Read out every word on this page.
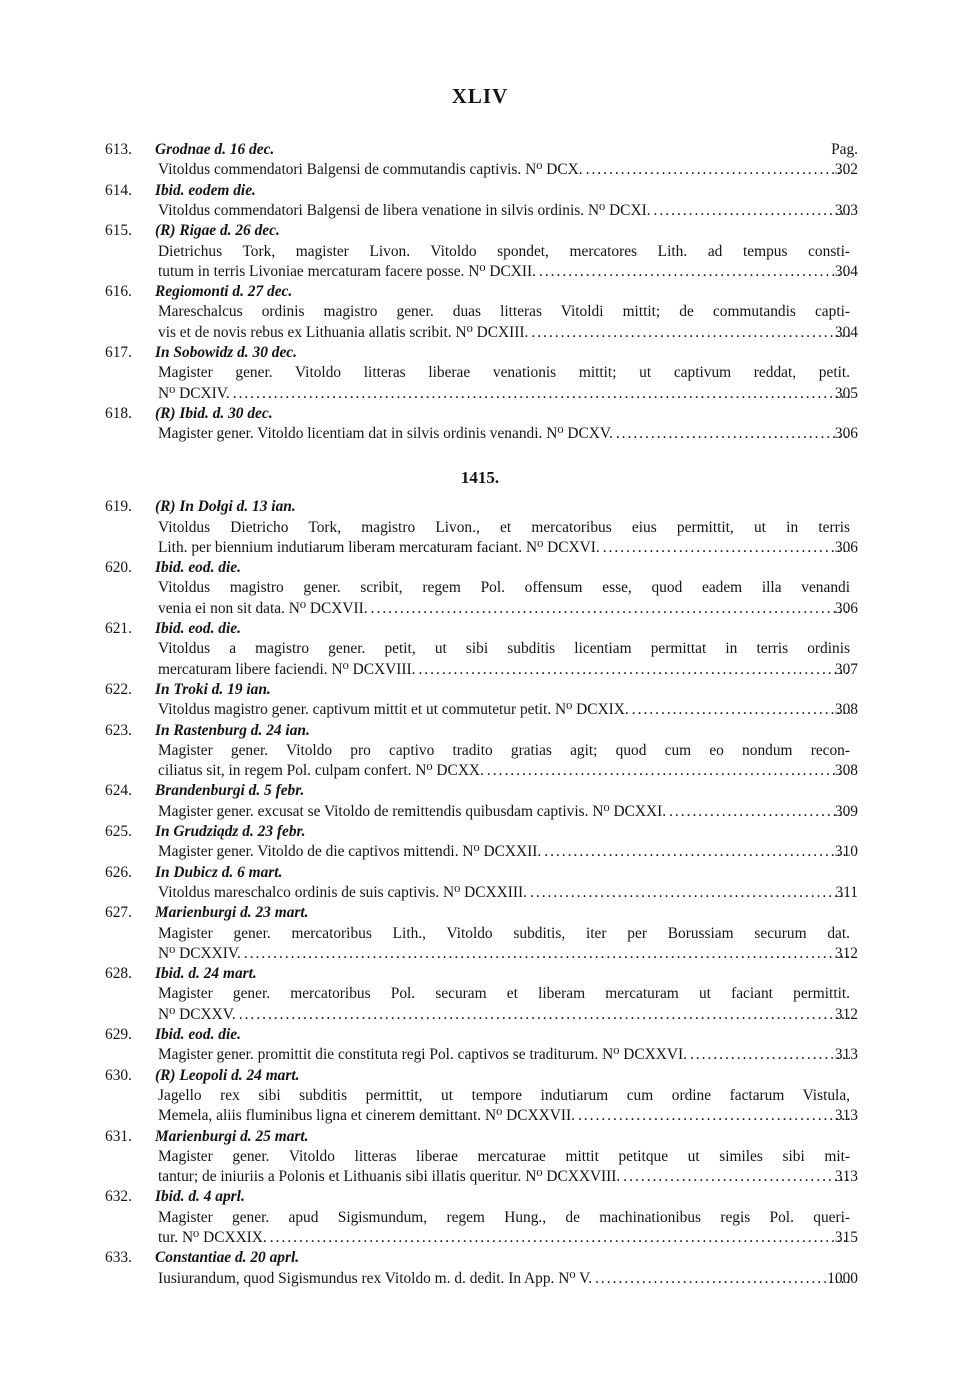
XLIV
Pag.
1415.
613.	Grodnae d. 16 dec.
Vitoldus commendatori Balgensi de commutandis captivis. N⁰ DCX. .....	302
614.	Ibid. eodem die.
Vitoldus commendatori Balgensi de libera venatione in silvis ordinis. N⁰ DCXI. .....	303
615.	(R) Rigae d. 26 dec.
Dietrichus Tork, magister Livon. Vitoldo spondet, mercatores Lith. ad tempus consti-
tutum in terris Livoniae mercaturam facere posse. N⁰ DCXII. .....	304
616.	Regiomonti d. 27 dec.
Mareschalcus ordinis magistro gener. duas litteras Vitoldi mittit; de commutandis capti-
vis et de novis rebus ex Lithuania allatis scribit. N⁰ DCXIII. .....	304
617.	In Sobowidz d. 30 dec.
Magister gener. Vitoldo litteras liberae venationis mittit; ut captivum reddat, petit.
N⁰ DCXIV. .....	305
618.	(R) Ibid. d. 30 dec.
Magister gener. Vitoldo licentiam dat in silvis ordinis venandi. N⁰ DCXV. .....	306
619.	(R) In Dołgi d. 13 ian.
Vitoldus Dietricho Tork, magistro Livon., et mercatoribus eius permittit, ut in terris
Lith. per biennium indutiarum liberam mercaturam faciant. N⁰ DCXVI. .....	306
620.	Ibid. eod. die.
Vitoldus magistro gener. scribit, regem Pol. offensum esse, quod eadem illa venandi
venia ei non sit data. N⁰ DCXVII. .....	306
621.	Ibid. eod. die.
Vitoldus a magistro gener. petit, ut sibi subditis licentiam permittat in terris ordinis
mercaturam libere faciendi. N⁰ DCXVIII. .....	307
622.	In Troki d. 19 ian.
Vitoldus magistro gener. captivum mittit et ut commutetur petit. N⁰ DCXIX. .....	308
623.	In Rastenburg d. 24 ian.
Magister gener. Vitoldo pro captivo tradito gratias agit; quod cum eo nondum recon-
ciliatus sit, in regem Pol. culpam confert. N⁰ DCXX. .....	308
624.	Brandenburgi d. 5 febr.
Magister gener. excusat se Vitoldo de remittendis quibusdam captivis. N⁰ DCXXI. .....	309
625.	In Grudziądz d. 23 febr.
Magister gener. Vitoldo de die captivos mittendi. N⁰ DCXXII. .....	310
626.	In Dubicz d. 6 mart.
Vitoldus mareschalco ordinis de suis captivis. N⁰ DCXXIII. .....	311
627.	Marienburgi d. 23 mart.
Magister gener. mercatoribus Lith., Vitoldo subditis, iter per Borussiam securum dat.
N⁰ DCXXIV. .....	312
628.	Ibid. d. 24 mart.
Magister gener. mercatoribus Pol. securam et liberam mercaturam ut faciant permittit.
N⁰ DCXXV. .....	312
629.	Ibid. eod. die.
Magister gener. promittit die constituta regi Pol. captivos se traditurum. N⁰ DCXXVI. .....	313
630.	(R) Leopoli d. 24 mart.
Jagello rex sibi subditis permittit, ut tempore indutiarum cum ordine factarum Vistula,
Memela, aliis fluminibus ligna et cinerem demittant. N⁰ DCXXVII. .....	313
631.	Marienburgi d. 25 mart.
Magister gener. Vitoldo litteras liberae mercaturae mittit petitque ut similes sibi mit-
tantur; de iniuriis a Polonis et Lithuanis sibi illatis queritur. N⁰ DCXXVIII. .....	313
632.	Ibid. d. 4 aprl.
Magister gener. apud Sigismundum, regem Hung., de machinationibus regis Pol. queri-
tur. N⁰ DCXXIX. .....	315
633.	Constantiae d. 20 aprl.
Iusiurandum, quod Sigismundus rex Vitoldo m. d. dedit. In App. N⁰ V. .....	1000
